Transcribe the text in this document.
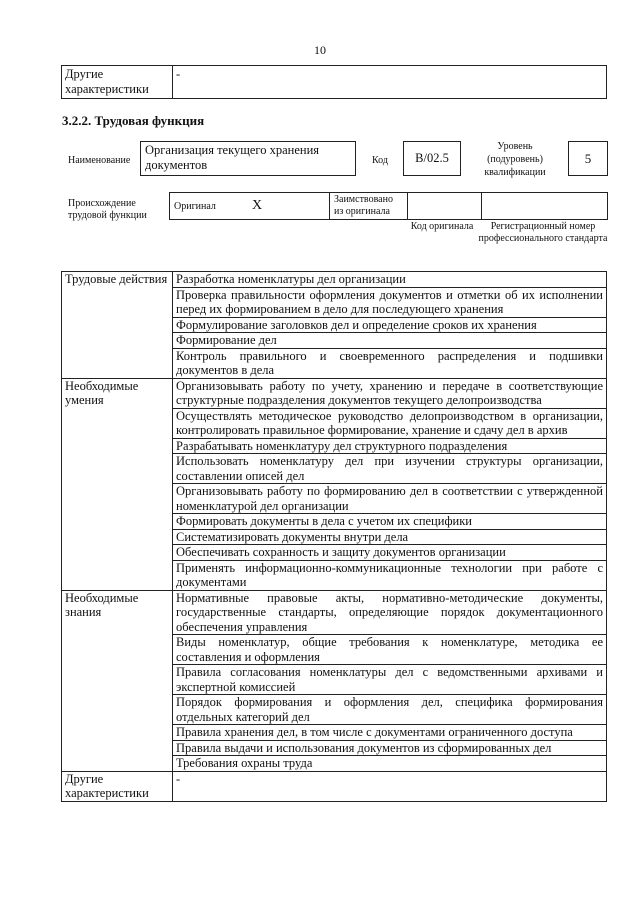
10
Другие характеристики	-
3.2.2. Трудовая функция
Наименование
Организация текущего хранения документов	Код	B/02.5
Уровень (подуровень) квалификации
5
Происхождение трудовой функции
Оригинал	X	Заимствовано из оригинала		
Код оригинала	Регистрационный номер профессионального стандарта
Трудовые действия	Разработка номенклатуры дел организации
	Проверка правильности оформления документов и отметки об их исполнении перед их формированием в дело для последующего хранения
	Формулирование заголовков дел и определение сроков их хранения
	Формирование дел
	Контроль правильного и своевременного распределения и подшивки документов в дела
Необходимые умения	Организовывать работу по учету, хранению и передаче в соответствующие структурные подразделения документов текущего делопроизводства
	Осуществлять методическое руководство делопроизводством в организации, контролировать правильное формирование, хранение и сдачу дел в архив
	Разрабатывать номенклатуру дел структурного подразделения
	Использовать номенклатуру дел при изучении структуры организации, составлении описей дел
	Организовывать работу по формированию дел в соответствии с утвержденной номенклатурой дел организации
	Формировать документы в дела с учетом их специфики
	Систематизировать документы внутри дела
	Обеспечивать сохранность и защиту документов организации
	Применять информационно-коммуникационные технологии при работе с документами
Необходимые знания	Нормативные правовые акты, нормативно-методические документы, государственные стандарты, определяющие порядок документационного обеспечения управления
	Виды номенклатур, общие требования к номенклатуре, методика ее составления и оформления
	Правила согласования номенклатуры дел с ведомственными архивами и экспертной комиссией
	Порядок формирования и оформления дел, специфика формирования отдельных категорий дел
	Правила хранения дел, в том числе с документами ограниченного доступа
	Правила выдачи и использования документов из сформированных дел
	Требования охраны труда
Другие характеристики	-
